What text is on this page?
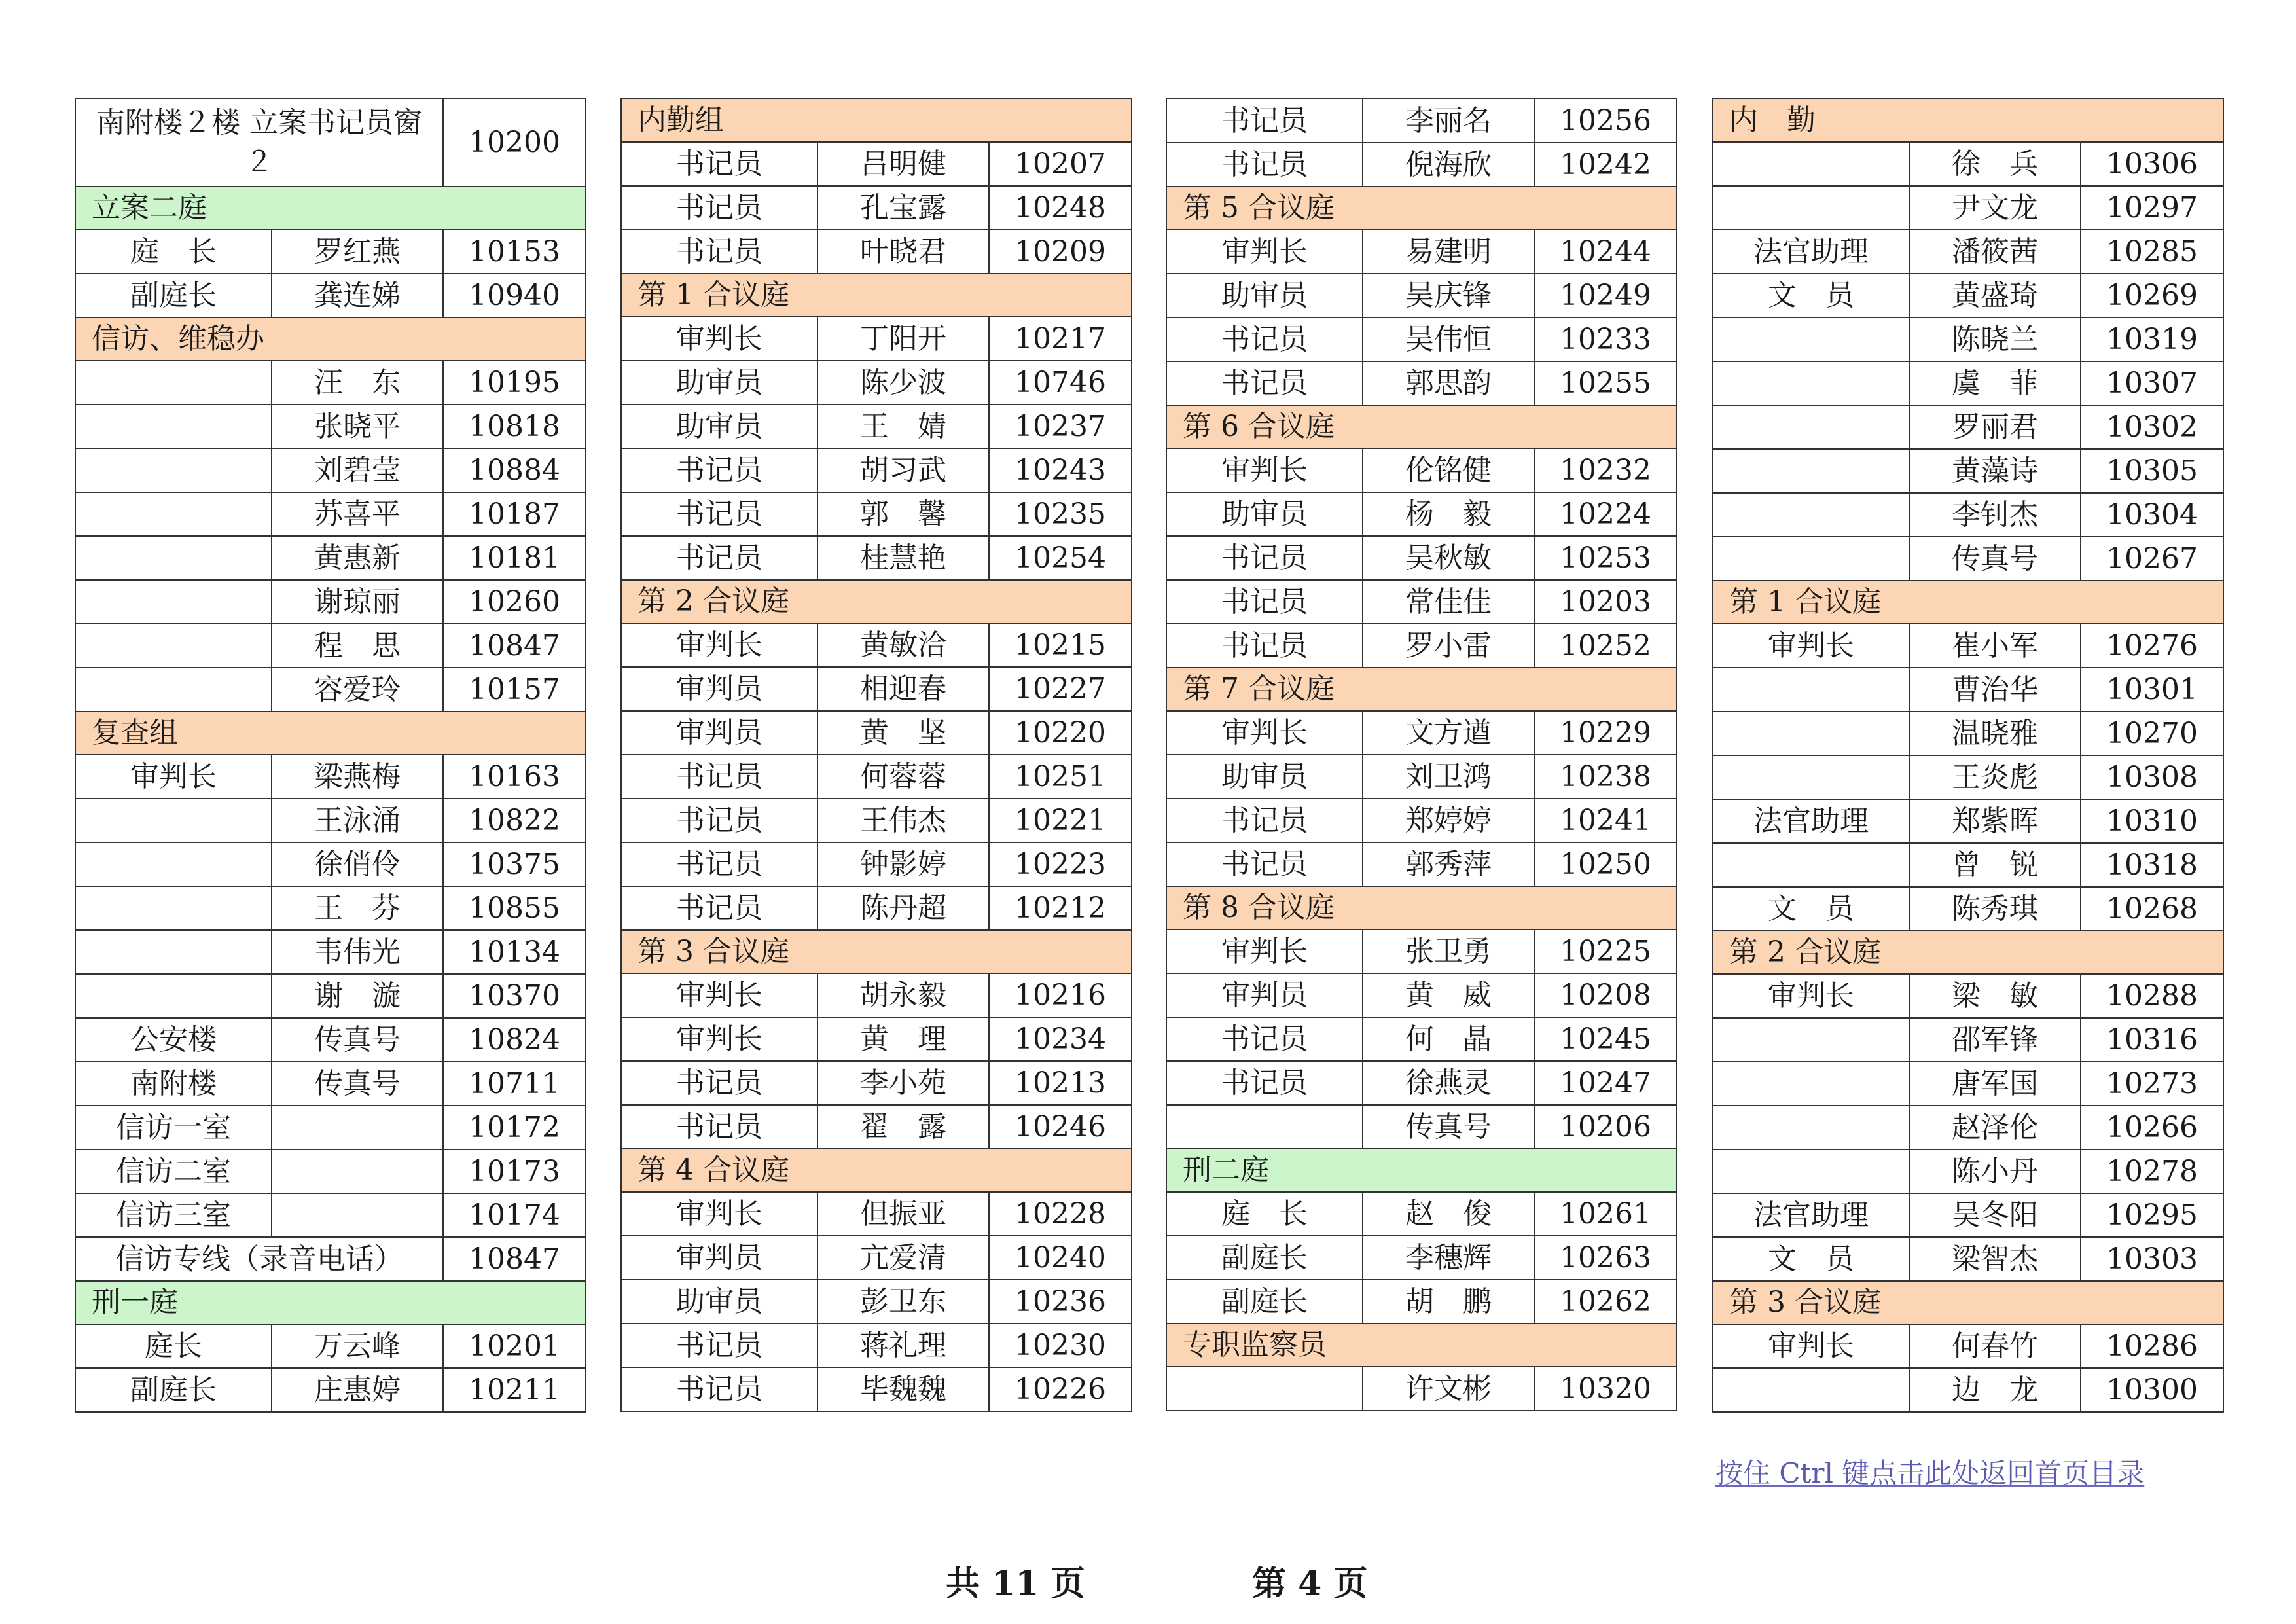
南附楼２楼 立案书记员窗２		10200
立案二庭		
庭　长	罗红燕	10153
副庭长	龚连娣	10940
信访、维稳办		
	汪　东	10195
	张晓平	10818
	刘碧莹	10884
	苏喜平	10187
	黄惠新	10181
	谢琼丽	10260
	程　思	10847
	容爱玲	10157
复查组		
审判长	梁燕梅	10163
	王泳涌	10822
	徐俏伶	10375
	王　芬	10855
	韦伟光	10134
	谢　漩	10370
公安楼	传真号	10824
南附楼	传真号	10711
信访一室		10172
信访二室		10173
信访三室		10174
信访专线（录音电话）		10847
刑一庭		
庭长	万云峰	10201
副庭长	庄惠婷	10211
内勤组		
书记员	吕明健	10207
书记员	孔宝露	10248
书记员	叶晓君	10209
第 1 合议庭		
审判长	丁阳开	10217
助审员	陈少波	10746
助审员	王　婧	10237
书记员	胡习武	10243
书记员	郭　馨	10235
书记员	桂慧艳	10254
第 2 合议庭		
审判长	黄敏洽	10215
审判员	相迎春	10227
审判员	黄　坚	10220
书记员	何蓉蓉	10251
书记员	王伟杰	10221
书记员	钟影婷	10223
书记员	陈丹超	10212
第 3 合议庭		
审判长	胡永毅	10216
审判长	黄　理	10234
书记员	李小苑	10213
书记员	翟　露	10246
第 4 合议庭		
审判长	但振亚	10228
审判员	亢爱清	10240
助审员	彭卫东	10236
书记员	蒋礼理	10230
书记员	毕魏魏	10226
书记员	李丽名	10256
书记员	倪海欣	10242
第 5 合议庭		
审判长	易建明	10244
助审员	吴庆锋	10249
书记员	吴伟恒	10233
书记员	郭思韵	10255
第 6 合议庭		
审判长	伦铭健	10232
助审员	杨　毅	10224
书记员	吴秋敏	10253
书记员	常佳佳	10203
书记员	罗小雷	10252
第 7 合议庭		
审判长	文方遒	10229
助审员	刘卫鸿	10238
书记员	郑婷婷	10241
书记员	郭秀萍	10250
第 8 合议庭		
审判长	张卫勇	10225
审判员	黄　威	10208
书记员	何　晶	10245
书记员	徐燕灵	10247
	传真号	10206
刑二庭		
庭　长	赵　俊	10261
副庭长	李穗辉	10263
副庭长	胡　鹏	10262
专职监察员		
	许文彬	10320
内　勤		
	徐　兵	10306
	尹文龙	10297
法官助理	潘筱茜	10285
文　员	黄盛琦	10269
	陈晓兰	10319
	虞　菲	10307
	罗丽君	10302
	黄藻诗	10305
	李钊杰	10304
	传真号	10267
第 1 合议庭		
审判长	崔小军	10276
	曹治华	10301
	温晓雅	10270
	王炎彪	10308
法官助理	郑紫晖	10310
	曾　锐	10318
文　员	陈秀琪	10268
第 2 合议庭		
审判长	梁　敏	10288
	邵军锋	10316
	唐军国	10273
	赵泽伦	10266
	陈小丹	10278
法官助理	吴冬阳	10295
文　员	梁智杰	10303
第 3 合议庭		
审判长	何春竹	10286
	边　龙	10300
按住 Ctrl 键点击此处返回首页目录
共 11 页	第 4 页
